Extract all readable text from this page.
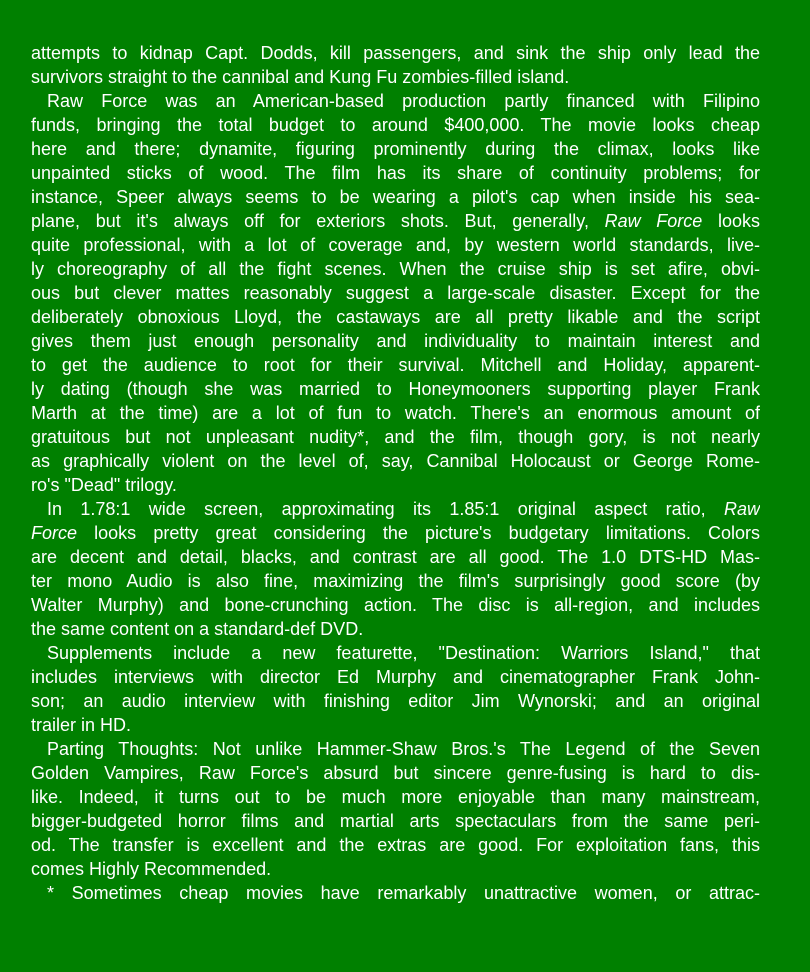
attempts to kidnap Capt. Dodds, kill passengers, and sink the ship only lead the
survivors straight to the cannibal and Kung Fu zombies-filled island.
Raw Force was an American-based production partly financed with Filipino
funds, bringing the total budget to around $400,000. The movie looks cheap
here and there; dynamite, figuring prominently during the climax, looks like
unpainted sticks of wood. The film has its share of continuity problems; for
instance, Speer always seems to be wearing a pilot's cap when inside his sea-
plane, but it's always off for exteriors shots. But, generally, Raw Force looks
quite professional, with a lot of coverage and, by western world standards, live-
ly choreography of all the fight scenes. When the cruise ship is set afire, obvi-
ous but clever mattes reasonably suggest a large-scale disaster. Except for the
deliberately obnoxious Lloyd, the castaways are all pretty likable and the script
gives them just enough personality and individuality to maintain interest and
to get the audience to root for their survival. Mitchell and Holiday, apparent-
ly dating (though she was married to Honeymooners supporting player Frank
Marth at the time) are a lot of fun to watch. There's an enormous amount of
gratuitous but not unpleasant nudity*, and the film, though gory, is not nearly
as graphically violent on the level of, say, Cannibal Holocaust or George Rome-
ro's "Dead" trilogy.
In 1.78:1 wide screen, approximating its 1.85:1 original aspect ratio, Raw
Force looks pretty great considering the picture's budgetary limitations. Colors
are decent and detail, blacks, and contrast are all good. The 1.0 DTS-HD Mas-
ter mono Audio is also fine, maximizing the film's surprisingly good score (by
Walter Murphy) and bone-crunching action. The disc is all-region, and includes
the same content on a standard-def DVD.
Supplements include a new featurette, "Destination: Warriors Island," that
includes interviews with director Ed Murphy and cinematographer Frank John-
son; an audio interview with finishing editor Jim Wynorski; and an original
trailer in HD.
Parting Thoughts: Not unlike Hammer-Shaw Bros.'s The Legend of the Seven
Golden Vampires, Raw Force's absurd but sincere genre-fusing is hard to dis-
like. Indeed, it turns out to be much more enjoyable than many mainstream,
bigger-budgeted horror films and martial arts spectaculars from the same peri-
od. The transfer is excellent and the extras are good. For exploitation fans, this
comes Highly Recommended.
* Sometimes cheap movies have remarkably unattractive women, or attrac-
